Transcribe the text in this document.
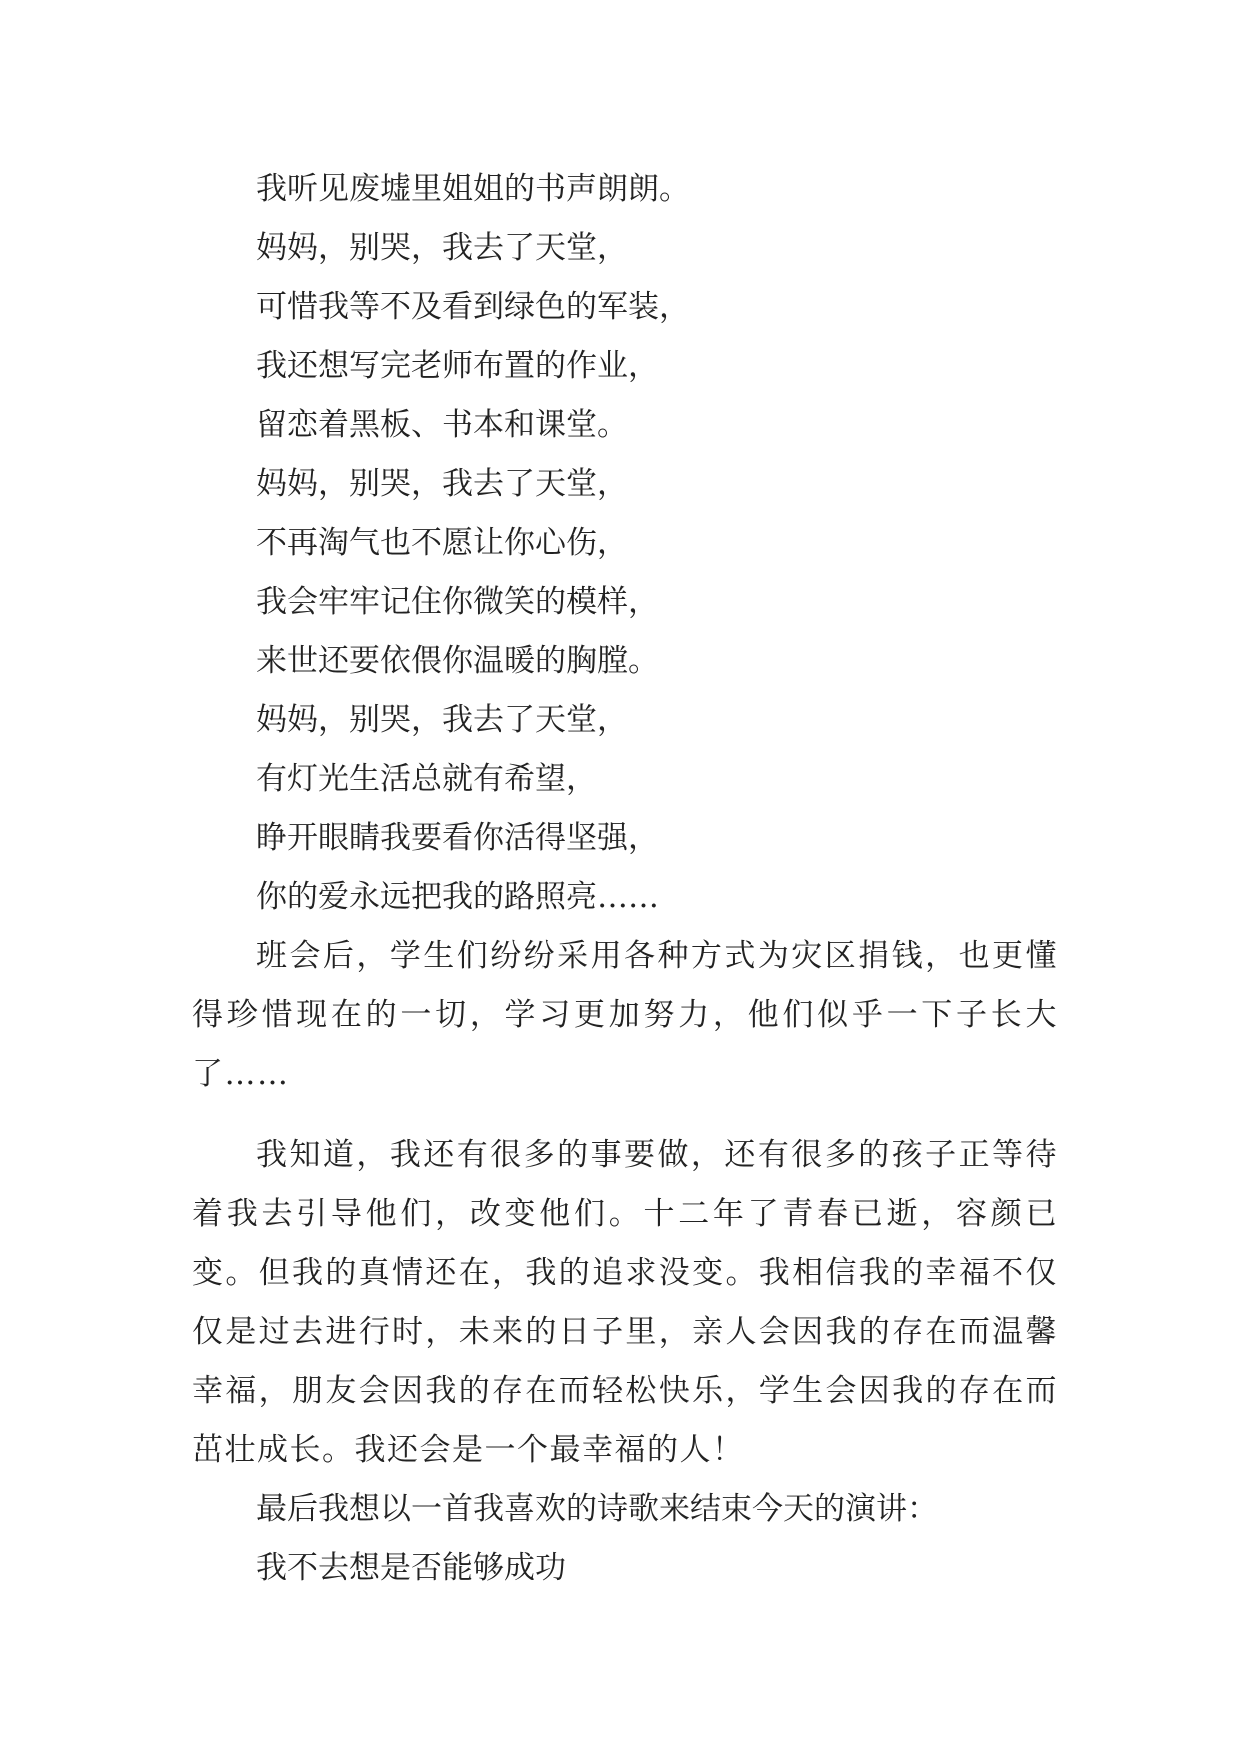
我听见废墟里姐姐的书声朗朗。

妈妈，别哭，我去了天堂，

可惜我等不及看到绿色的军装，

我还想写完老师布置的作业，

留恋着黑板、书本和课堂。

妈妈，别哭，我去了天堂，

不再淘气也不愿让你心伤，

我会牢牢记住你微笑的模样，

来世还要依偎你温暖的胸膛。

妈妈，别哭，我去了天堂，

有灯光生活总就有希望，

睁开眼睛我要看你活得坚强，

你的爱永远把我的路照亮……

班会后，学生们纷纷采用各种方式为灾区捐钱，也更懂得珍惜现在的一切，学习更加努力，他们似乎一下子长大了……

我知道，我还有很多的事要做，还有很多的孩子正等待着我去引导他们，改变他们。十二年了青春已逝，容颜已变。但我的真情还在，我的追求没变。我相信我的幸福不仅仅是过去进行时，未来的日子里，亲人会因我的存在而温馨幸福，朋友会因我的存在而轻松快乐，学生会因我的存在而茁壮成长。我还会是一个最幸福的人！

最后我想以一首我喜欢的诗歌来结束今天的演讲：

我不去想是否能够成功
